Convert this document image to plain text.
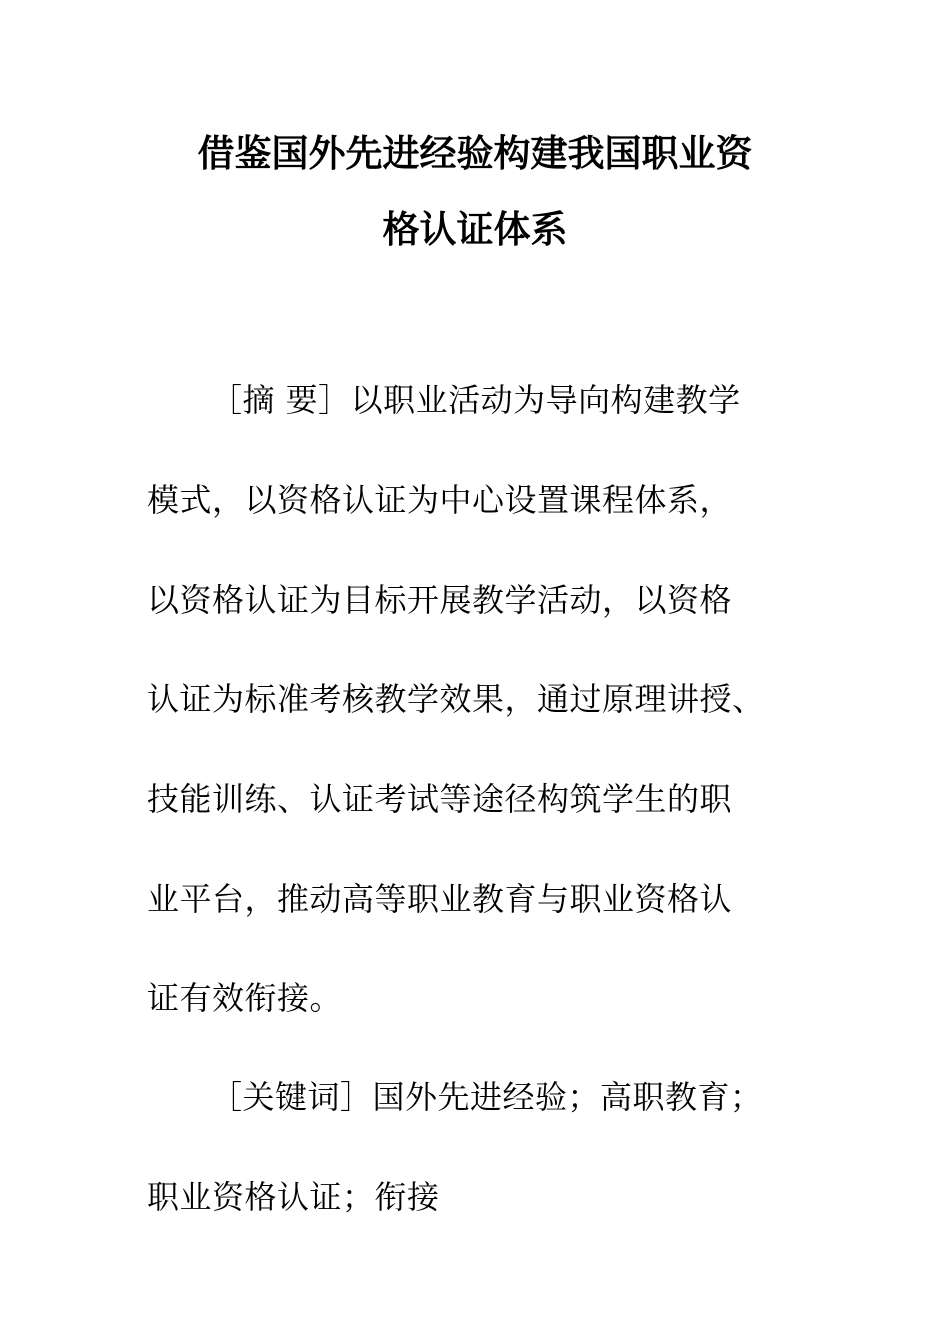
借鉴国外先进经验构建我国职业资
格认证体系
［摘 要］以职业活动为导向构建教学
模式，以资格认证为中心设置课程体系，
以资格认证为目标开展教学活动，以资格
认证为标准考核教学效果，通过原理讲授、
技能训练、认证考试等途径构筑学生的职
业平台，推动高等职业教育与职业资格认
证有效衔接。
［关键词］国外先进经验；高职教育；
职业资格认证；衔接
